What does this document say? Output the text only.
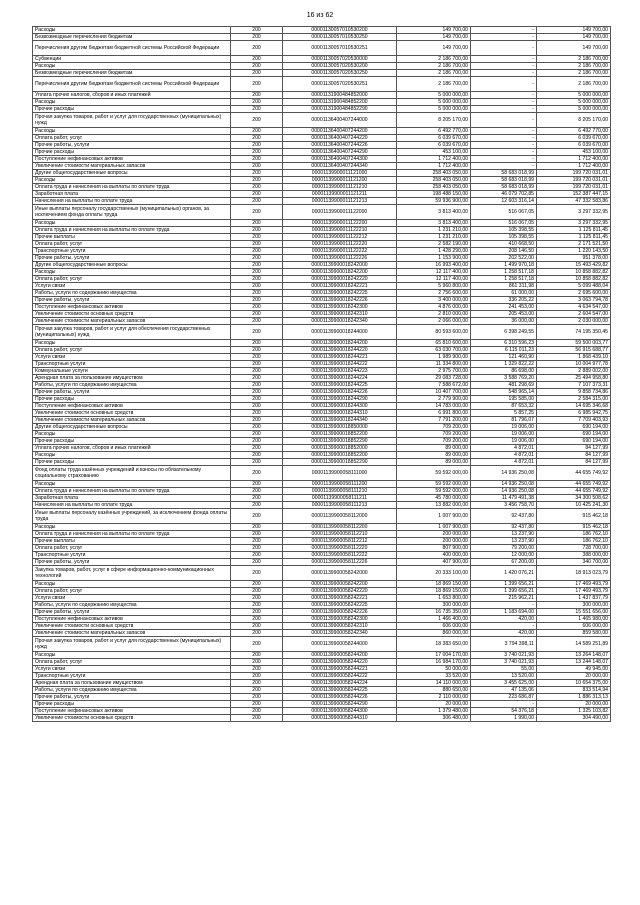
16 из 62
Расходы	200	00001130057010530200	149 700,00	-	149 700,00
Безвозмездные перечисления бюджетам	200	00001130057010530250	149 700,00	-	149 700,00
Перечисления другим бюджетам бюджетной системы Российской Федерации	200	00001130057010530251	149 700,00	-	149 700,00
Субвенции	200	00001130057020530000	2 186 700,00	-	2 186 700,00
Расходы	200	00001130057020530200	2 186 700,00	-	2 186 700,00
Безвозмездные перечисления бюджетам	200	00001130057020530250	2 186 700,00	-	2 186 700,00
Перечисления другим бюджетам бюджетной системы Российской Федерации	200	00001130057020530251	2 186 700,00	-	2 186 700,00
Уплата прочих налогов, сборов и иных платежей	200	00001131900484852000	5 000 000,00	-	5 000 000,00
Расходы	200	00001131900484852200	5 000 000,00	-	5 000 000,00
Прочие расходы	200	00001131900484852290	5 000 000,00	-	5 000 000,00
Прочая закупка товаров, работ и услуг для государственных (муниципальных) нужд	200	00001136400407244000	8 205 170,00	-	8 205 170,00
Расходы	200	00001136400407244200	6 492 770,00	-	6 492 770,00
Оплата работ, услуг	200	00001136400407244220	6 039 670,00	-	6 039 670,00
Прочие работы, услуги	200	00001136400407244226	6 039 670,00	-	6 039 670,00
Прочие расходы	200	00001136400407244290	453 100,00	-	453 100,00
Поступление нефинансовых активов	200	00001136400407244300	1 712 400,00	-	1 712 400,00
Увеличение стоимости материальных запасов	200	00001136400407244340	1 712 400,00	-	1 712 400,00
Другие общегосударственные вопросы	200	00001139900011121000	258 403 050,00	58 683 018,99	199 720 031,01
Расходы	200	00001139900011121200	258 403 050,00	58 683 018,99	199 720 031,01
Оплата труда и начисления на выплаты по оплате труда	200	00001139900011121210	258 403 050,00	58 683 018,99	199 720 031,01
Заработная плата	200	00001139900011121211	198 488 150,00	46 079 702,85	152 387 447,15
Начисления на выплаты по оплате труда	200	00001139900011121213	59 936 900,00	12 603 316,14	47 332 583,86
Иные выплаты персоналу государственных (муниципальных) органов, за исключением фонда оплаты труда	200	00001139900011122000	3 813 400,00	516 067,05	3 297 332,95
Расходы	200	00001139900011122200	3 813 400,00	516 067,05	3 297 332,95
Оплата труда и начисления на выплаты по оплате труда	200	00001139900011122210	1 231 210,00	105 398,55	1 125 811,45
Прочие выплаты	200	00001139900011122212	1 231 210,00	105 398,55	1 125 811,45
Оплата работ, услуг	200	00001139900011122220	2 582 190,00	410 668,50	2 171 521,50
Транспортные услуги	200	00001139900011122222	1 428 290,00	208 146,50	1 220 143,50
Прочие работы, услуги	200	00001139900011122226	1 153 900,00	202 522,00	951 378,00
Другие общегосударственные вопросы	200	00001139900018242000	16 993 400,00	1 499 970,18	15 493 429,82
Расходы	200	00001139900018242200	12 117 400,00	1 258 517,18	10 858 882,82
Оплата работ, услуг	200	00001139900018242220	12 117 400,00	1 258 517,18	10 858 882,82
Услуги связи	200	00001139900018242221	5 960 800,00	861 311,98	5 099 488,04
Работы, услуги по содержанию имущества	200	00001139900018242225	2 756 600,00	61 000,00	2 695 600,00
Прочие работы, услуги	200	00001139900018242226	3 400 000,00	336 205,22	3 063 794,78
Поступление нефинансовых активов	200	00001139900018242300	4 876 000,00	241 453,00	4 634 547,00
Увеличение стоимости основных средств	200	00001139900018242310	2 810 000,00	205 453,00	2 604 547,00
Увеличение стоимости материальных запасов	200	00001139900018242340	2 066 000,00	36 000,00	2 030 000,00
Прочая закупка товаров, работ и услуг для обеспечения государственных (муниципальных) нужд	200	00001139900018244000	80 593 600,00	6 398 249,55	74 195 350,45
Расходы	200	00001139900018244200	65 810 600,00	6 310 596,23	59 500 003,77
Оплата работ, услуг	200	00001139900018244220	63 030 700,00	6 115 011,23	56 915 688,77
Услуги связи	200	00001139900018244221	1 989 900,00	121 460,90	1 868 439,10
Транспортные услуги	200	00001139900018244222	11 334 800,00	1 329 822,22	10 004 977,78
Коммунальные услуги	200	00001139900018244223	2 975 700,00	86 698,00	2 889 002,00
Арендная плата за пользование имуществом	200	00001139900018244224	29 083 728,00	3 588 769,20	25 494 958,80
Работы, услуги по содержанию имущества	200	00001139900018244225	7 588 672,00	481 298,69	7 107 373,31
Прочие работы, услуги	200	00001139900018244226	10 407 700,00	548 965,14	9 858 734,86
Прочие расходы	200	00001139900018244290	2 779 900,00	195 585,00	2 584 315,00
Поступление нефинансовых активов	200	00001139900018244300	14 783 000,00	87 653,32	14 695 346,68
Увеличение стоимости основных средств	200	00001139900018244310	6 991 800,00	5 857,25	6 985 942,75
Увеличение стоимости материальных запасов	200	00001139900018244340	7 791 200,00	81 796,07	7 709 403,93
Другие общегосударственные вопросы	200	00001139900018850000	709 200,00	19 006,00	690 194,00
Расходы	200	00001139900018852200	709 200,00	19 006,00	690 194,00
Прочие расходы	200	00001139900018852290	709 200,00	19 006,00	690 194,00
Уплата прочих налогов, сборов и иных платежей	200	00001139900018852000	89 000,00	4 872,01	84 127,99
Расходы	200	00001139900018852200	89 000,00	4 872,01	84 127,99
Прочие расходы	200	00001139900018852290	89 000,00	4 872,01	84 127,99
Фонд оплаты труда казённых учреждений и взносы по обязательному социальному страхованию	200	00001139900058111000	59 592 000,00	14 936 250,08	44 655 749,92
Расходы	200	00001139900058111200	59 592 000,00	14 936 250,08	44 655 749,92
Оплата труда и начисления на выплаты по оплате труда	200	00001139900058111210	59 592 000,00	14 936 250,08	44 655 749,92
Заработная плата	200	00001139900058111211	45 780 000,00	11 479 491,38	34 300 508,62
Начисления на выплаты по оплате труда	200	00001139900058111213	13 882 000,00	3 456 758,70	10 425 241,30
Иные выплаты персоналу казённых учреждений, за исключением фонда оплаты труда	200	00001139900058112000	1 007 900,00	92 437,80	915 462,18
Расходы	200	00001139900058112200	1 007 900,00	92 437,80	915 462,18
Оплата труда и начисления на выплаты по оплате труда	200	00001139900058112210	200 000,00	13 237,90	186 762,10
Прочие выплаты	200	00001139900058112212	200 000,00	13 237,90	186 762,10
Оплата работ, услуг	200	00001139900058112220	807 900,00	79 200,00	728 700,00
Транспортные услуги	200	00001139900058112222	400 000,00	12 000,00	388 000,00
Прочие работы, услуги	200	00001139900058112226	407 900,00	67 200,00	340 700,00
Закупка товаров, работ, услуг в сфере информационно-коммуникационных технологий	200	00001139900058242000	20 333 100,00	1 420 076,21	18 913 023,79
Расходы	200	00001139900058242200	18 869 150,00	1 399 656,21	17 469 493,79
Оплата работ, услуг	200	00001139900058242220	18 869 150,00	1 399 656,21	17 469 493,79
Услуги связи	200	00001139900058242221	1 653 800,00	215 962,21	1 437 837,79
Работы, услуги по содержанию имущества	200	00001139900058242225	300 000,00	-	300 000,00
Прочие работы, услуги	200	00001139900058242226	16 735 350,00	1 183 694,00	15 551 656,00
Поступление нефинансовых активов	200	00001139900058242300	1 466 400,00	420,00	1 465 980,00
Увеличение стоимости основных средств	200	00001139900058242310	606 000,00	-	606 000,00
Увеличение стоимости материальных запасов	200	00001139900058242340	860 000,00	420,00	859 580,00
Прочая закупка товаров, работ и услуг для государственных (муниципальных) нужд	200	00001139900058244000	18 383 650,00	3 794 398,11	14 589 251,89
Расходы	200	00001139900058244200	17 004 170,00	3 740 021,93	13 264 148,07
Оплата работ, услуг	200	00001139900058244220	16 984 170,00	3 740 021,93	13 244 148,07
Услуги связи	200	00001139900058244221	50 000,00	55,00	49 945,00
Транспортные услуги	200	00001139900058244222	33 520,00	13 520,00	20 000,00
Арендная плата за пользование имуществом	200	00001139900058244224	14 110 000,00	3 455 625,00	10 654 375,00
Работы, услуги по содержанию имущества	200	00001139900058244225	880 650,00	47 135,06	833 514,94
Прочие работы, услуги	200	00001139900058244226	2 110 000,00	223 686,87	1 886 313,13
Прочие расходы	200	00001139900058244290	20 000,00	-	20 000,00
Поступление нефинансовых активов	200	00001139900058244300	1 379 480,00	54 376,18	1 325 103,82
Увеличение стоимости основных средств	200	00001139900058244310	306 480,00	1 990,00	304 490,00
